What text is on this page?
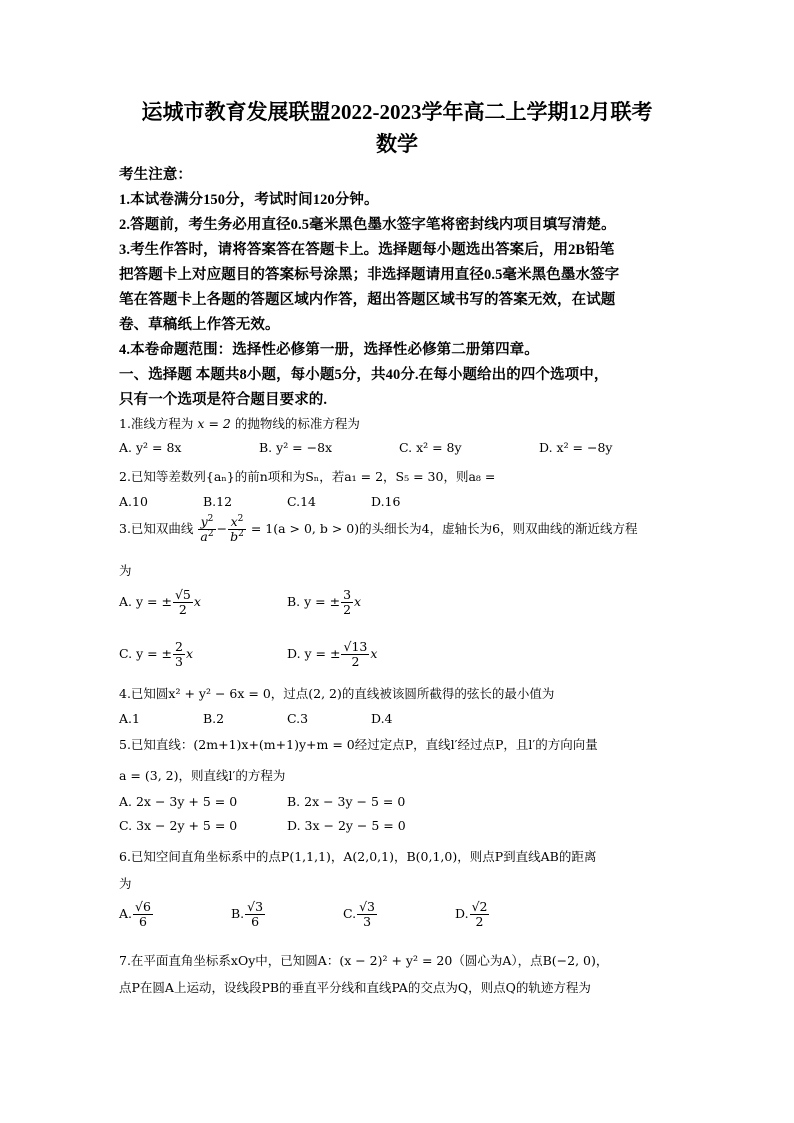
运城市教育发展联盟2022-2023学年高二上学期12月联考
数学
考生注意：
1.本试卷满分150分，考试时间120分钟。
2.答题前，考生务必用直径0.5毫米黑色墨水签字笔将密封线内项目填写清楚。
3.考生作答时，请将答案答在答题卡上。选择题每小题选出答案后，用2B铅笔
把答题卡上对应题目的答案标号涂黑；非选择题请用直径0.5毫米黑色墨水签字
笔在答题卡上各题的答题区域内作答，超出答题区域书写的答案无效，在试题
卷、草稿纸上作答无效。
4.本卷命题范围：选择性必修第一册，选择性必修第二册第四章。
一、选择题 本题共8小题，每小题5分，共40分.在每小题给出的四个选项中，
只有一个选项是符合题目要求的.
1.准线方程为 x = 2 的抛物线的标准方程为
A. y² = 8x	B. y² = −8x	C. x² = 8y	D. x² = −8y
2.已知等差数列{aₙ}的前n项和为Sₙ，若a₁ = 2，S₅ = 30，则a₈ =
A.10	B.12	C.14	D.16
3.已知双曲线 $\frac{y^2}{a^2} - \frac{x^2}{b^2} = 1(a > 0$, b > 0)的头细长为4，虚轴长为6，则双曲线的渐近线方程
为
A. y = ± $\frac{√5}{2}$ x	B. y = ± $\frac{3}{2}$ x
C. y = ± $\frac{2}{3}$ x	D. y = ± $\frac{√13}{2}$ x
4.已知圆x² + y² − 6x = 0，过点(2, 2)的直线被该圆所截得的弦长的最小值为
A.1	B.2	C.3	D.4
5.已知直线：(2m+1)x+(m+1)y+m = 0经过定点P，直线l′经过点P，且l′的方向向量
a = (3, 2)，则直线l′的方程为
A. 2x − 3y + 5 = 0	B. 2x − 3y − 5 = 0
C. 3x − 2y + 5 = 0	D. 3x − 2y − 5 = 0
6.已知空间直角坐标系中的点P(1,1,1)，A(2,0,1)，B(0,1,0)，则点P到直线AB的距离
为
A. $\frac{√6}{6}$	B. $\frac{√3}{6}$	C. $\frac{√3}{3}$	D. $\frac{√2}{2}$
7.在平面直角坐标系xOy中，已知圆A：(x − 2)² + y² = 20（圆心为A），点B(−2, 0)，
点P在圆A上运动，设线段PB的垂直平分线和直线PA的交点为Q，则点Q的轨迹方程为
